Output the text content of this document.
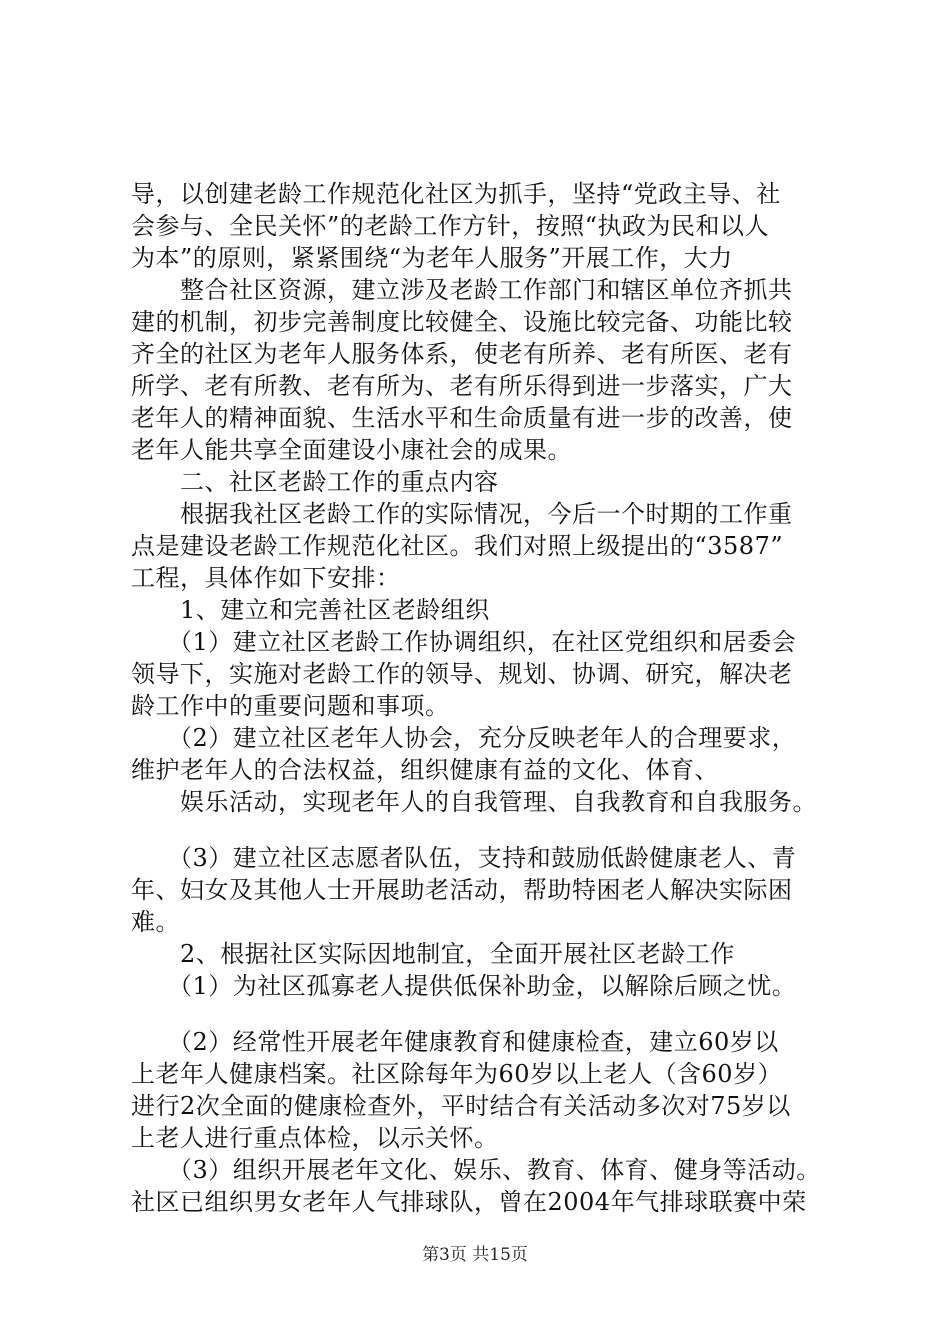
导，以创建老龄工作规范化社区为抓手，坚持“党政主导、社
会参与、全民关怀”的老龄工作方针，按照“执政为民和以人
为本”的原则，紧紧围绕“为老年人服务”开展工作，大力
　　整合社区资源，建立涉及老龄工作部门和辖区单位齐抓共
建的机制，初步完善制度比较健全、设施比较完备、功能比较
齐全的社区为老年人服务体系，使老有所养、老有所医、老有
所学、老有所教、老有所为、老有所乐得到进一步落实，广大
老年人的精神面貌、生活水平和生命质量有进一步的改善，使
老年人能共享全面建设小康社会的成果。
　　二、社区老龄工作的重点内容
　　根据我社区老龄工作的实际情况，今后一个时期的工作重
点是建设老龄工作规范化社区。我们对照上级提出的“3587”
工程，具体作如下安排：
　　1、建立和完善社区老龄组织
　　（1）建立社区老龄工作协调组织，在社区党组织和居委会
领导下，实施对老龄工作的领导、规划、协调、研究，解决老
龄工作中的重要问题和事项。
　　（2）建立社区老年人协会，充分反映老年人的合理要求，
维护老年人的合法权益，组织健康有益的文化、体育、
　　娱乐活动，实现老年人的自我管理、自我教育和自我服务。
　　（3）建立社区志愿者队伍，支持和鼓励低龄健康老人、青
年、妇女及其他人士开展助老活动，帮助特困老人解决实际困
难。
　　2、根据社区实际因地制宜，全面开展社区老龄工作
　　（1）为社区孤寡老人提供低保补助金，以解除后顾之忧。
　　（2）经常性开展老年健康教育和健康检查，建立60岁以
上老年人健康档案。社区除每年为60岁以上老人（含60岁）
进行2次全面的健康检查外，平时结合有关活动多次对75岁以
上老人进行重点体检，以示关怀。
　　（3）组织开展老年文化、娱乐、教育、体育、健身等活动。
社区已组织男女老年人气排球队，曾在2004年气排球联赛中荣
第3页 共15页
